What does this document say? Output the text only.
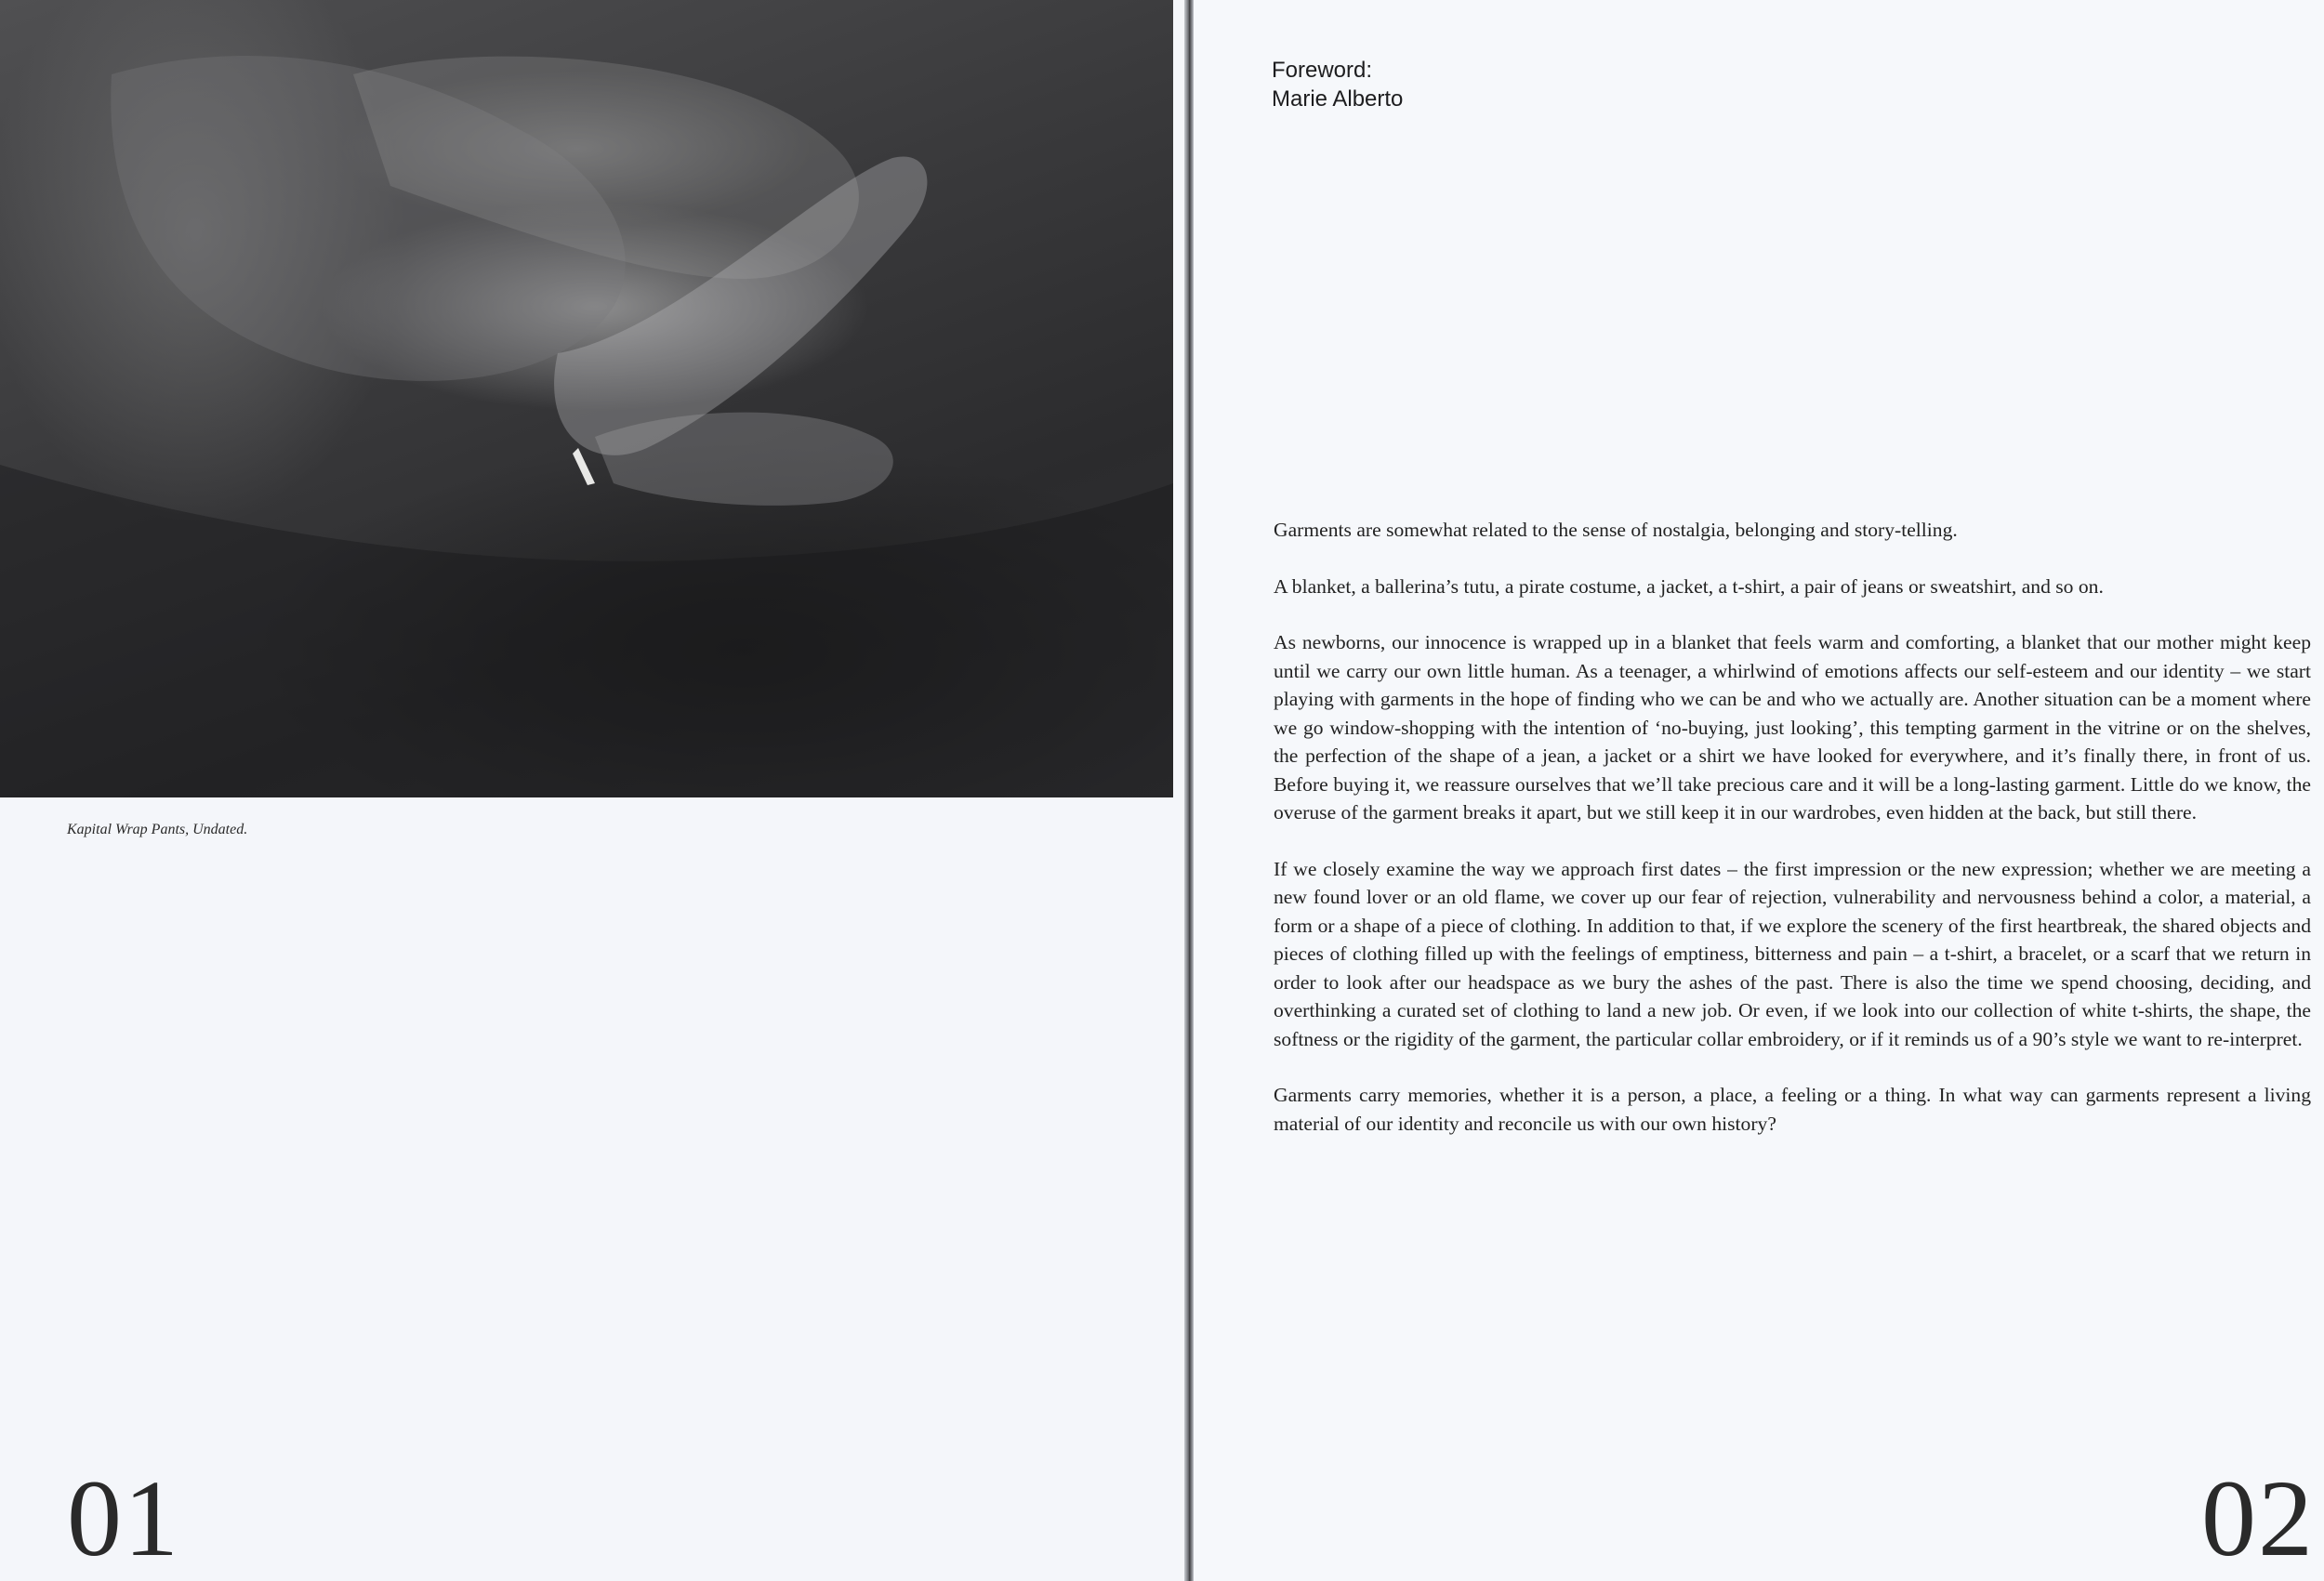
Kapital Wrap Pants, Undated.
01
Foreword:
Marie Alberto

Garments are somewhat related to the sense of nostalgia, belonging and story-telling.

A blanket, a ballerina’s tutu, a pirate costume, a jacket, a t-shirt, a pair of jeans or sweatshirt, and so on.

As newborns, our innocence is wrapped up in a blanket that feels warm and comforting, a blanket that our mother might keep until we carry our own little human. As a teenager, a whirlwind of emotions affects our self-esteem and our identity – we start playing with garments in the hope of finding who we can be and who we actually are. Another situation can be a moment where we go window-shopping with the intention of ‘no-buying, just looking’, this tempting garment in the vitrine or on the shelves, the perfection of the shape of a jean, a jacket or a shirt we have looked for everywhere, and it’s finally there, in front of us. Before buying it, we reassure ourselves that we’ll take precious care and it will be a long-lasting garment. Little do we know, the overuse of the garment breaks it apart, but we still keep it in our wardrobes, even hidden at the back, but still there.

If we closely examine the way we approach first dates – the first impression or the new expression; whether we are meeting a new found lover or an old flame, we cover up our fear of rejection, vulnerability and nervousness behind a color, a material, a form or a shape of a piece of clothing. In addition to that, if we explore the scenery of the first heartbreak, the shared objects and pieces of clothing filled up with the feelings of emptiness, bitterness and pain – a t-shirt, a bracelet, or a scarf that we return in order to look after our headspace as we bury the ashes of the past. There is also the time we spend choosing, deciding, and overthinking a curated set of clothing to land a new job. Or even, if we look into our collection of white t-shirts, the shape, the softness or the rigidity of the garment, the particular collar embroidery, or if it reminds us of a 90’s style we want to re-interpret.

Garments carry memories, whether it is a person, a place, a feeling or a thing. In what way can garments represent a living material of our identity and reconcile us with our own history?

02
